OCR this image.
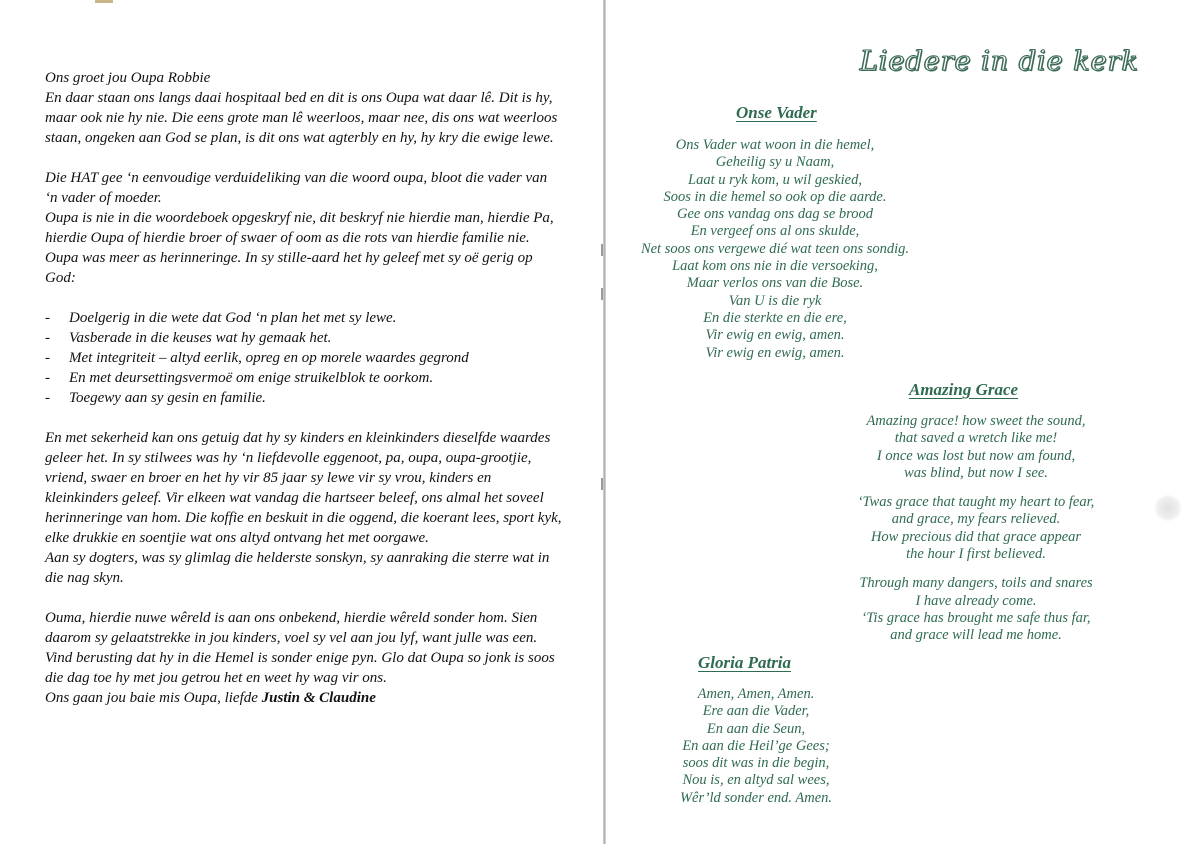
Ons groet jou Oupa Robbie
En daar staan ons langs daai hospitaal bed en dit is ons Oupa wat daar lê. Dit is hy, maar ook nie hy nie. Die eens grote man lê weerloos, maar nee, dis ons wat weerloos staan, ongeken aan God se plan, is dit ons wat agterbly en hy, hy kry die ewige lewe.

Die HAT gee ‘n eenvoudige verduideliking van die woord oupa, bloot die vader van ‘n vader of moeder.
Oupa is nie in die woordeboek opgeskryf nie, dit beskryf nie hierdie man, hierdie Pa, hierdie Oupa of hierdie broer of swaer of oom as die rots van hierdie familie nie.
Oupa was meer as herinneringe. In sy stille-aard het hy geleef met sy oë gerig op God:

- Doelgerig in die wete dat God ‘n plan het met sy lewe.
- Vasberade in die keuses wat hy gemaak het.
- Met integriteit – altyd eerlik, opreg en op morele waardes gegrond
- En met deursettingsvermoë om enige struikelblok te oorkom.
- Toegewy aan sy gesin en familie.

En met sekerheid kan ons getuig dat hy sy kinders en kleinkinders dieselfde waardes geleer het. In sy stilwees was hy ‘n liefdevolle eggenoot, pa, oupa, oupa-grootjie, vriend, swaer en broer en het hy vir 85 jaar sy lewe vir sy vrou, kinders en kleinkinders geleef. Vir elkeen wat vandag die hartseer beleef, ons almal het soveel herinneringe van hom. Die koffie en beskuit in die oggend, die koerant lees, sport kyk, elke drukkie en soentjie wat ons altyd ontvang het met oorgawe.
Aan sy dogters, was sy glimlag die helderste sonskyn, sy aanraking die sterre wat in die nag skyn.

Ouma, hierdie nuwe wêreld is aan ons onbekend, hierdie wêreld sonder hom. Sien daarom sy gelaatstrekke in jou kinders, voel sy vel aan jou lyf, want julle was een. Vind berusting dat hy in die Hemel is sonder enige pyn. Glo dat Oupa so jonk is soos die dag toe hy met jou getrou het en weet hy wag vir ons.
Ons gaan jou baie mis Oupa, liefde Justin & Claudine

Liedere in die kerk
Onse Vader
Ons Vader wat woon in die hemel,
Geheilig sy u Naam,
Laat u ryk kom, u wil geskied,
Soos in die hemel so ook op die aarde.
Gee ons vandag ons dag se brood
En vergeef ons al ons skulde,
Net soos ons vergewe dié wat teen ons sondig.
Laat kom ons nie in die versoeking,
Maar verlos ons van die Bose.
Van U is die ryk
En die sterkte en die ere,
Vir ewig en ewig, amen.
Vir ewig en ewig, amen.
Amazing Grace
Amazing grace! how sweet the sound,
that saved a wretch like me!
I once was lost but now am found,
was blind, but now I see.
‘Twas grace that taught my heart to fear,
and grace, my fears relieved.
How precious did that grace appear
the hour I first believed.
Through many dangers, toils and snares
I have already come.
‘Tis grace has brought me safe thus far,
and grace will lead me home.
Gloria Patria
Amen, Amen, Amen.
Ere aan die Vader,
En aan die Seun,
En aan die Heil’ge Gees;
soos dit was in die begin,
Nou is, en altyd sal wees,
Wêr’ld sonder end. Amen.
